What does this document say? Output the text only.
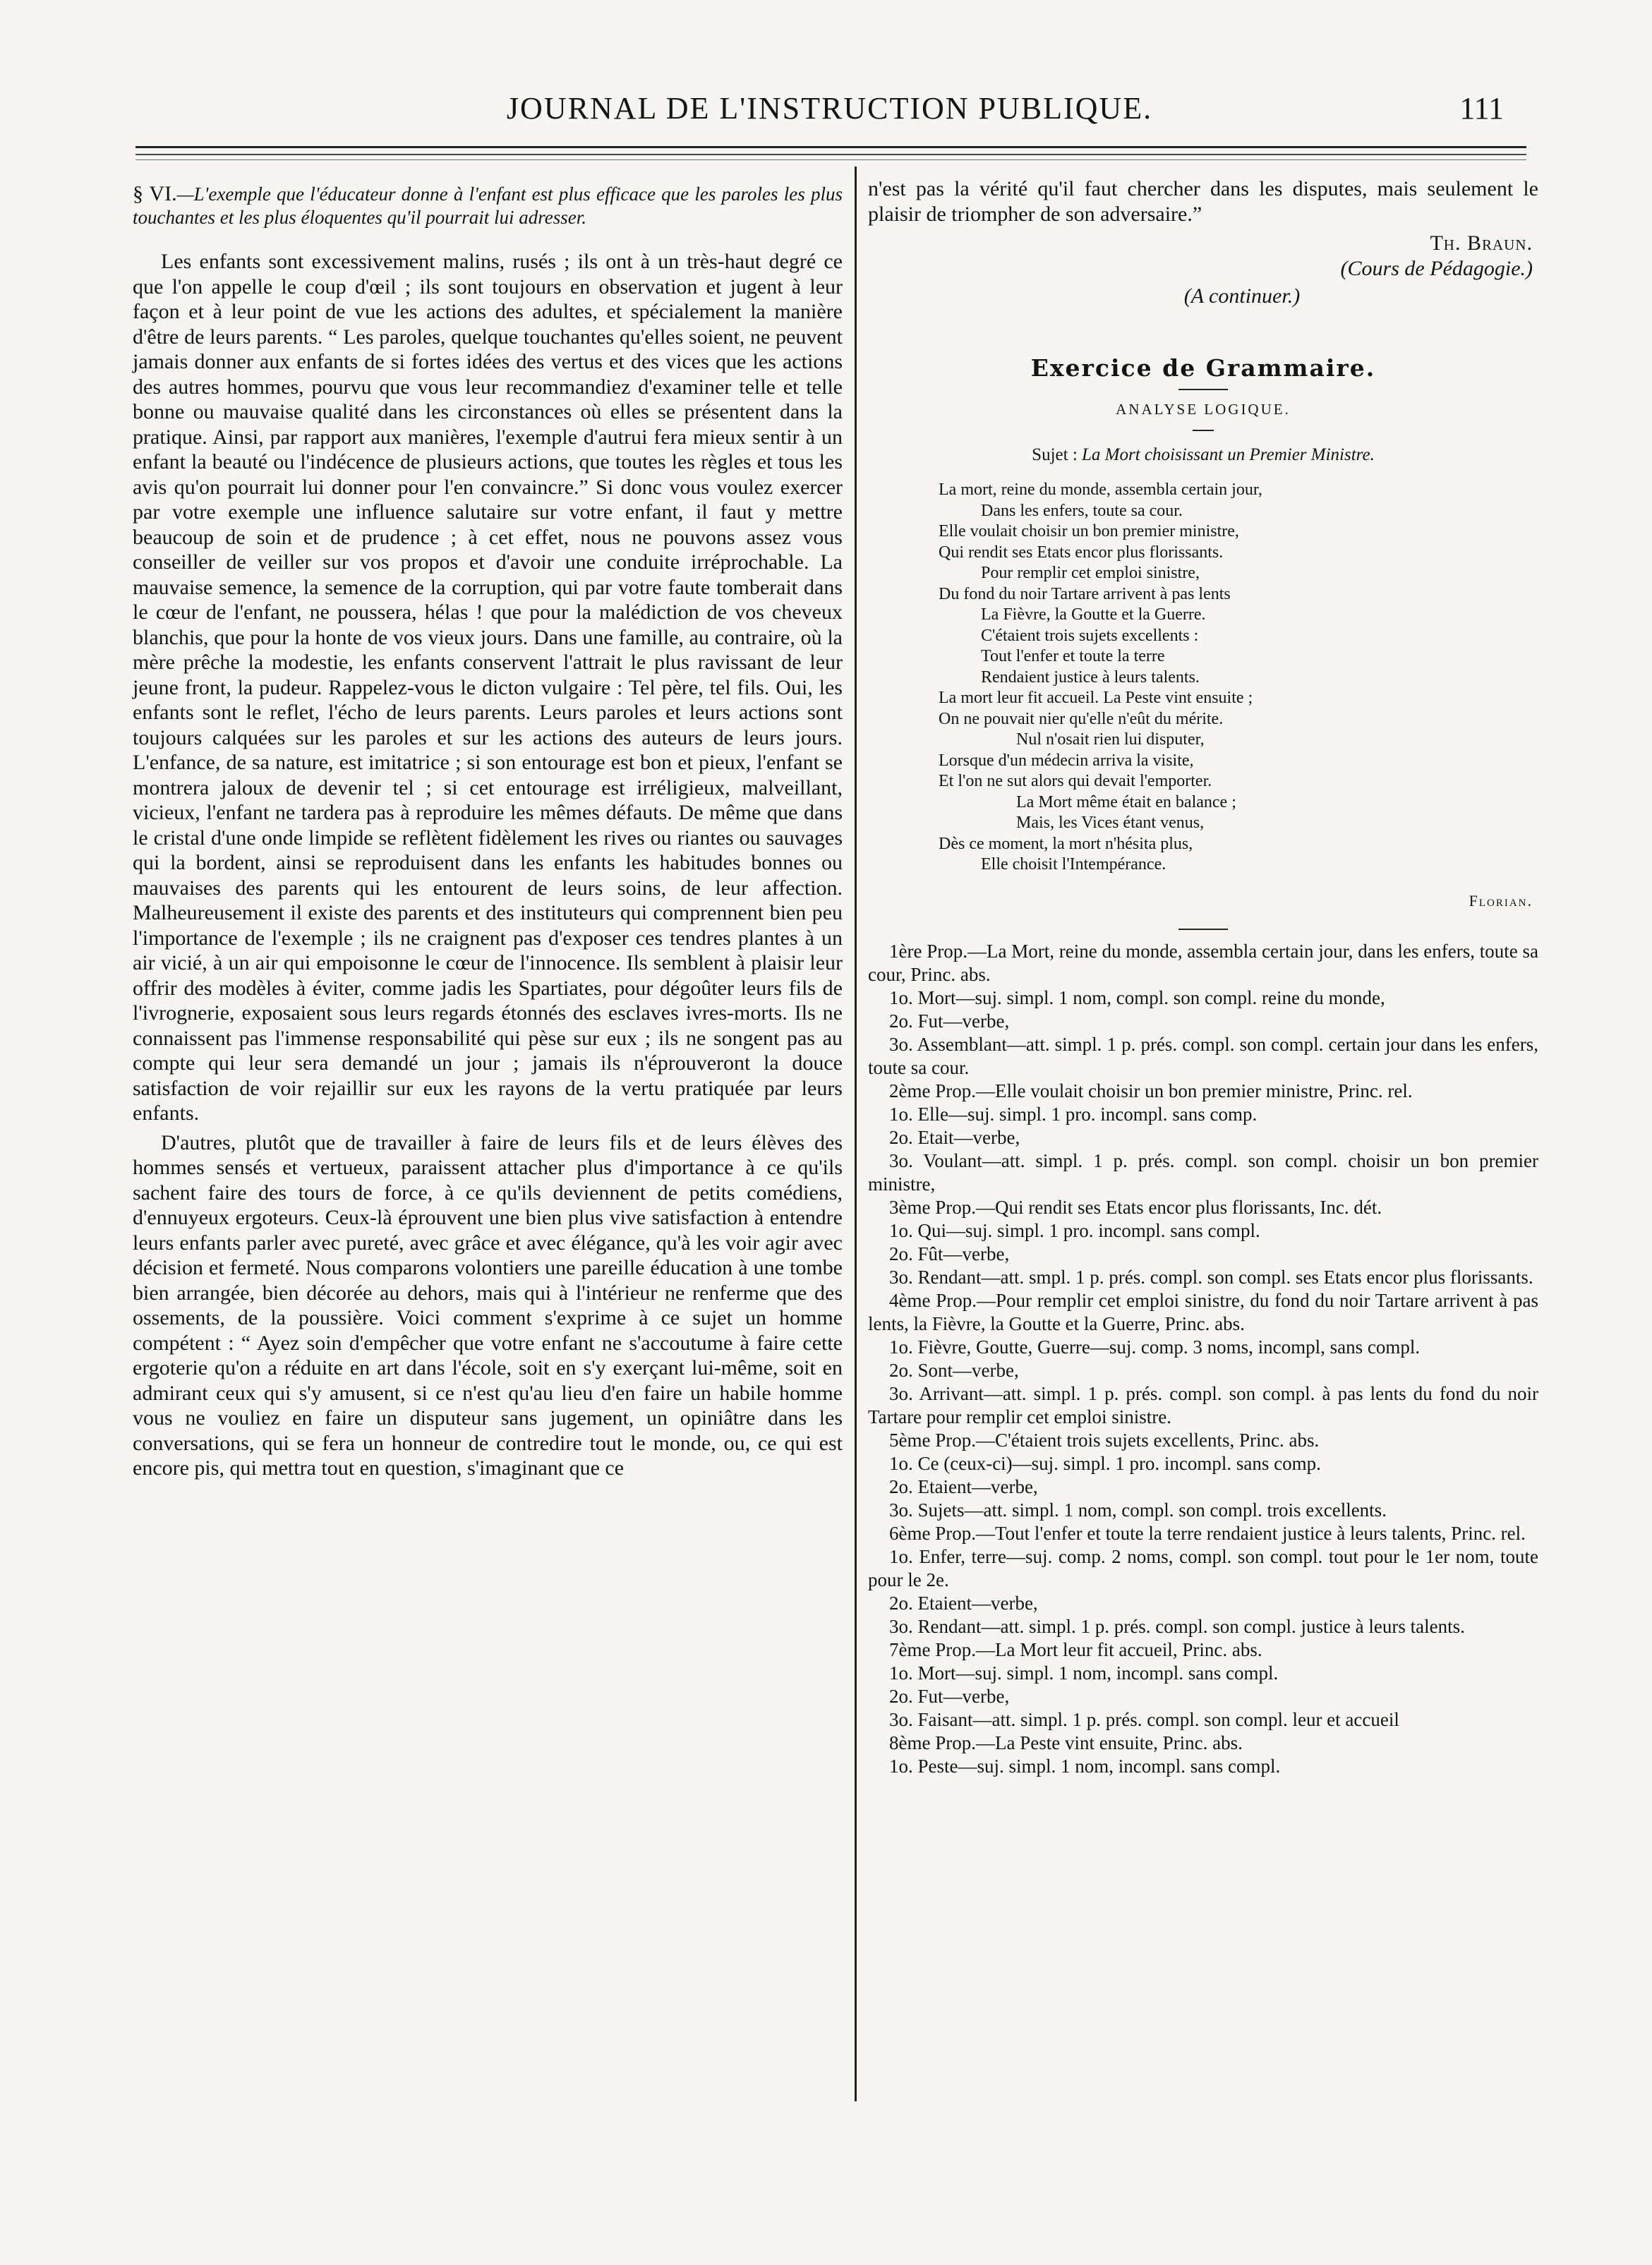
JOURNAL DE L'INSTRUCTION PUBLIQUE.	111

§ VI.—L'exemple que l'éducateur donne à l'enfant est plus efficace que les paroles les plus touchantes et les plus éloquentes qu'il pourrait lui adresser.

Les enfants sont excessivement malins, rusés ; ils ont à un très-haut degré ce que l'on appelle le coup d'œil ; ils sont toujours en observation et jugent à leur façon et à leur point de vue les actions des adultes, et spécialement la manière d'être de leurs parents. “ Les paroles, quelque touchantes qu'elles soient, ne peuvent jamais donner aux enfants de si fortes idées des vertus et des vices que les actions des autres hommes, pourvu que vous leur recommandiez d'examiner telle et telle bonne ou mauvaise qualité dans les circonstances où elles se présentent dans la pratique. Ainsi, par rapport aux manières, l'exemple d'autrui fera mieux sentir à un enfant la beauté ou l'indécence de plusieurs actions, que toutes les règles et tous les avis qu'on pourrait lui donner pour l'en convaincre.” Si donc vous voulez exercer par votre exemple une influence salutaire sur votre enfant, il faut y mettre beaucoup de soin et de prudence ; à cet effet, nous ne pouvons assez vous conseiller de veiller sur vos propos et d'avoir une conduite irréprochable. La mauvaise semence, la semence de la corruption, qui par votre faute tomberait dans le cœur de l'enfant, ne poussera, hélas ! que pour la malédiction de vos cheveux blanchis, que pour la honte de vos vieux jours. Dans une famille, au contraire, où la mère prêche la modestie, les enfants conservent l'attrait le plus ravissant de leur jeune front, la pudeur. Rappelez-vous le dicton vulgaire : Tel père, tel fils. Oui, les enfants sont le reflet, l'écho de leurs parents. Leurs paroles et leurs actions sont toujours calquées sur les paroles et sur les actions des auteurs de leurs jours. L'enfance, de sa nature, est imitatrice ; si son entourage est bon et pieux, l'enfant se montrera jaloux de devenir tel ; si cet entourage est irréligieux, malveillant, vicieux, l'enfant ne tardera pas à reproduire les mêmes défauts. De même que dans le cristal d'une onde limpide se reflètent fidèlement les rives ou riantes ou sauvages qui la bordent, ainsi se reproduisent dans les enfants les habitudes bonnes ou mauvaises des parents qui les entourent de leurs soins, de leur affection. Malheureusement il existe des parents et des instituteurs qui comprennent bien peu l'importance de l'exemple ; ils ne craignent pas d'exposer ces tendres plantes à un air vicié, à un air qui empoisonne le cœur de l'innocence. Ils semblent à plaisir leur offrir des modèles à éviter, comme jadis les Spartiates, pour dégoûter leurs fils de l'ivrognerie, exposaient sous leurs regards étonnés des esclaves ivres-morts. Ils ne connaissent pas l'immense responsabilité qui pèse sur eux ; ils ne songent pas au compte qui leur sera demandé un jour ; jamais ils n'éprouveront la douce satisfaction de voir rejaillir sur eux les rayons de la vertu pratiquée par leurs enfants.

D'autres, plutôt que de travailler à faire de leurs fils et de leurs élèves des hommes sensés et vertueux, paraissent attacher plus d'importance à ce qu'ils sachent faire des tours de force, à ce qu'ils deviennent de petits comédiens, d'ennuyeux ergoteurs. Ceux-là éprouvent une bien plus vive satisfaction à entendre leurs enfants parler avec pureté, avec grâce et avec élégance, qu'à les voir agir avec décision et fermeté. Nous comparons volontiers une pareille éducation à une tombe bien arrangée, bien décorée au dehors, mais qui à l'intérieur ne renferme que des ossements, de la poussière. Voici comment s'exprime à ce sujet un homme compétent : “ Ayez soin d'empêcher que votre enfant ne s'accoutume à faire cette ergoterie qu'on a réduite en art dans l'école, soit en s'y exerçant lui-même, soit en admirant ceux qui s'y amusent, si ce n'est qu'au lieu d'en faire un habile homme vous ne vouliez en faire un disputeur sans jugement, un opiniâtre dans les conversations, qui se fera un honneur de contredire tout le monde, ou, ce qui est encore pis, qui mettra tout en question, s'imaginant que ce

n'est pas la vérité qu'il faut chercher dans les disputes, mais seulement le plaisir de triompher de son adversaire.”

Th. Braun.

(Cours de Pédagogie.)

(A continuer.)

Exercice de Grammaire.
ANALYSE LOGIQUE.
Sujet : La Mort choisissant un Premier Ministre.
La mort, reine du monde, assembla certain jour,
Dans les enfers, toute sa cour.
Elle voulait choisir un bon premier ministre,
Qui rendit ses Etats encor plus florissants.
Pour remplir cet emploi sinistre,
Du fond du noir Tartare arrivent à pas lents
La Fièvre, la Goutte et la Guerre.
C'étaient trois sujets excellents :
Tout l'enfer et toute la terre
Rendaient justice à leurs talents.
La mort leur fit accueil. La Peste vint ensuite ;
On ne pouvait nier qu'elle n'eût du mérite.
Nul n'osait rien lui disputer,
Lorsque d'un médecin arriva la visite,
Et l'on ne sut alors qui devait l'emporter.
La Mort même était en balance ;
Mais, les Vices étant venus,
Dès ce moment, la mort n'hésita plus,
Elle choisit l'Intempérance.
Florian.

1ère Prop.—La Mort, reine du monde, assembla certain jour, dans les enfers, toute sa cour, Princ. abs.

1o. Mort—suj. simpl. 1 nom, compl. son compl. reine du monde,

2o. Fut—verbe,

3o. Assemblant—att. simpl. 1 p. prés. compl. son compl. certain jour dans les enfers, toute sa cour.

2ème Prop.—Elle voulait choisir un bon premier ministre, Princ. rel.

1o. Elle—suj. simpl. 1 pro. incompl. sans comp.

2o. Etait—verbe,

3o. Voulant—att. simpl. 1 p. prés. compl. son compl. choisir un bon premier ministre,

3ème Prop.—Qui rendit ses Etats encor plus florissants, Inc. dét.

1o. Qui—suj. simpl. 1 pro. incompl. sans compl.

2o. Fût—verbe,

3o. Rendant—att. smpl. 1 p. prés. compl. son compl. ses Etats encor plus florissants.

4ème Prop.—Pour remplir cet emploi sinistre, du fond du noir Tartare arrivent à pas lents, la Fièvre, la Goutte et la Guerre, Princ. abs.

1o. Fièvre, Goutte, Guerre—suj. comp. 3 noms, incompl, sans compl.

2o. Sont—verbe,

3o. Arrivant—att. simpl. 1 p. prés. compl. son compl. à pas lents du fond du noir Tartare pour remplir cet emploi sinistre.

5ème Prop.—C'étaient trois sujets excellents, Princ. abs.

1o. Ce (ceux-ci)—suj. simpl. 1 pro. incompl. sans comp.

2o. Etaient—verbe,

3o. Sujets—att. simpl. 1 nom, compl. son compl. trois excellents.

6ème Prop.—Tout l'enfer et toute la terre rendaient justice à leurs talents, Princ. rel.

1o. Enfer, terre—suj. comp. 2 noms, compl. son compl. tout pour le 1er nom, toute pour le 2e.

2o. Etaient—verbe,

3o. Rendant—att. simpl. 1 p. prés. compl. son compl. justice à leurs talents.

7ème Prop.—La Mort leur fit accueil, Princ. abs.

1o. Mort—suj. simpl. 1 nom, incompl. sans compl.

2o. Fut—verbe,

3o. Faisant—att. simpl. 1 p. prés. compl. son compl. leur et accueil

8ème Prop.—La Peste vint ensuite, Princ. abs.

1o. Peste—suj. simpl. 1 nom, incompl. sans compl.
